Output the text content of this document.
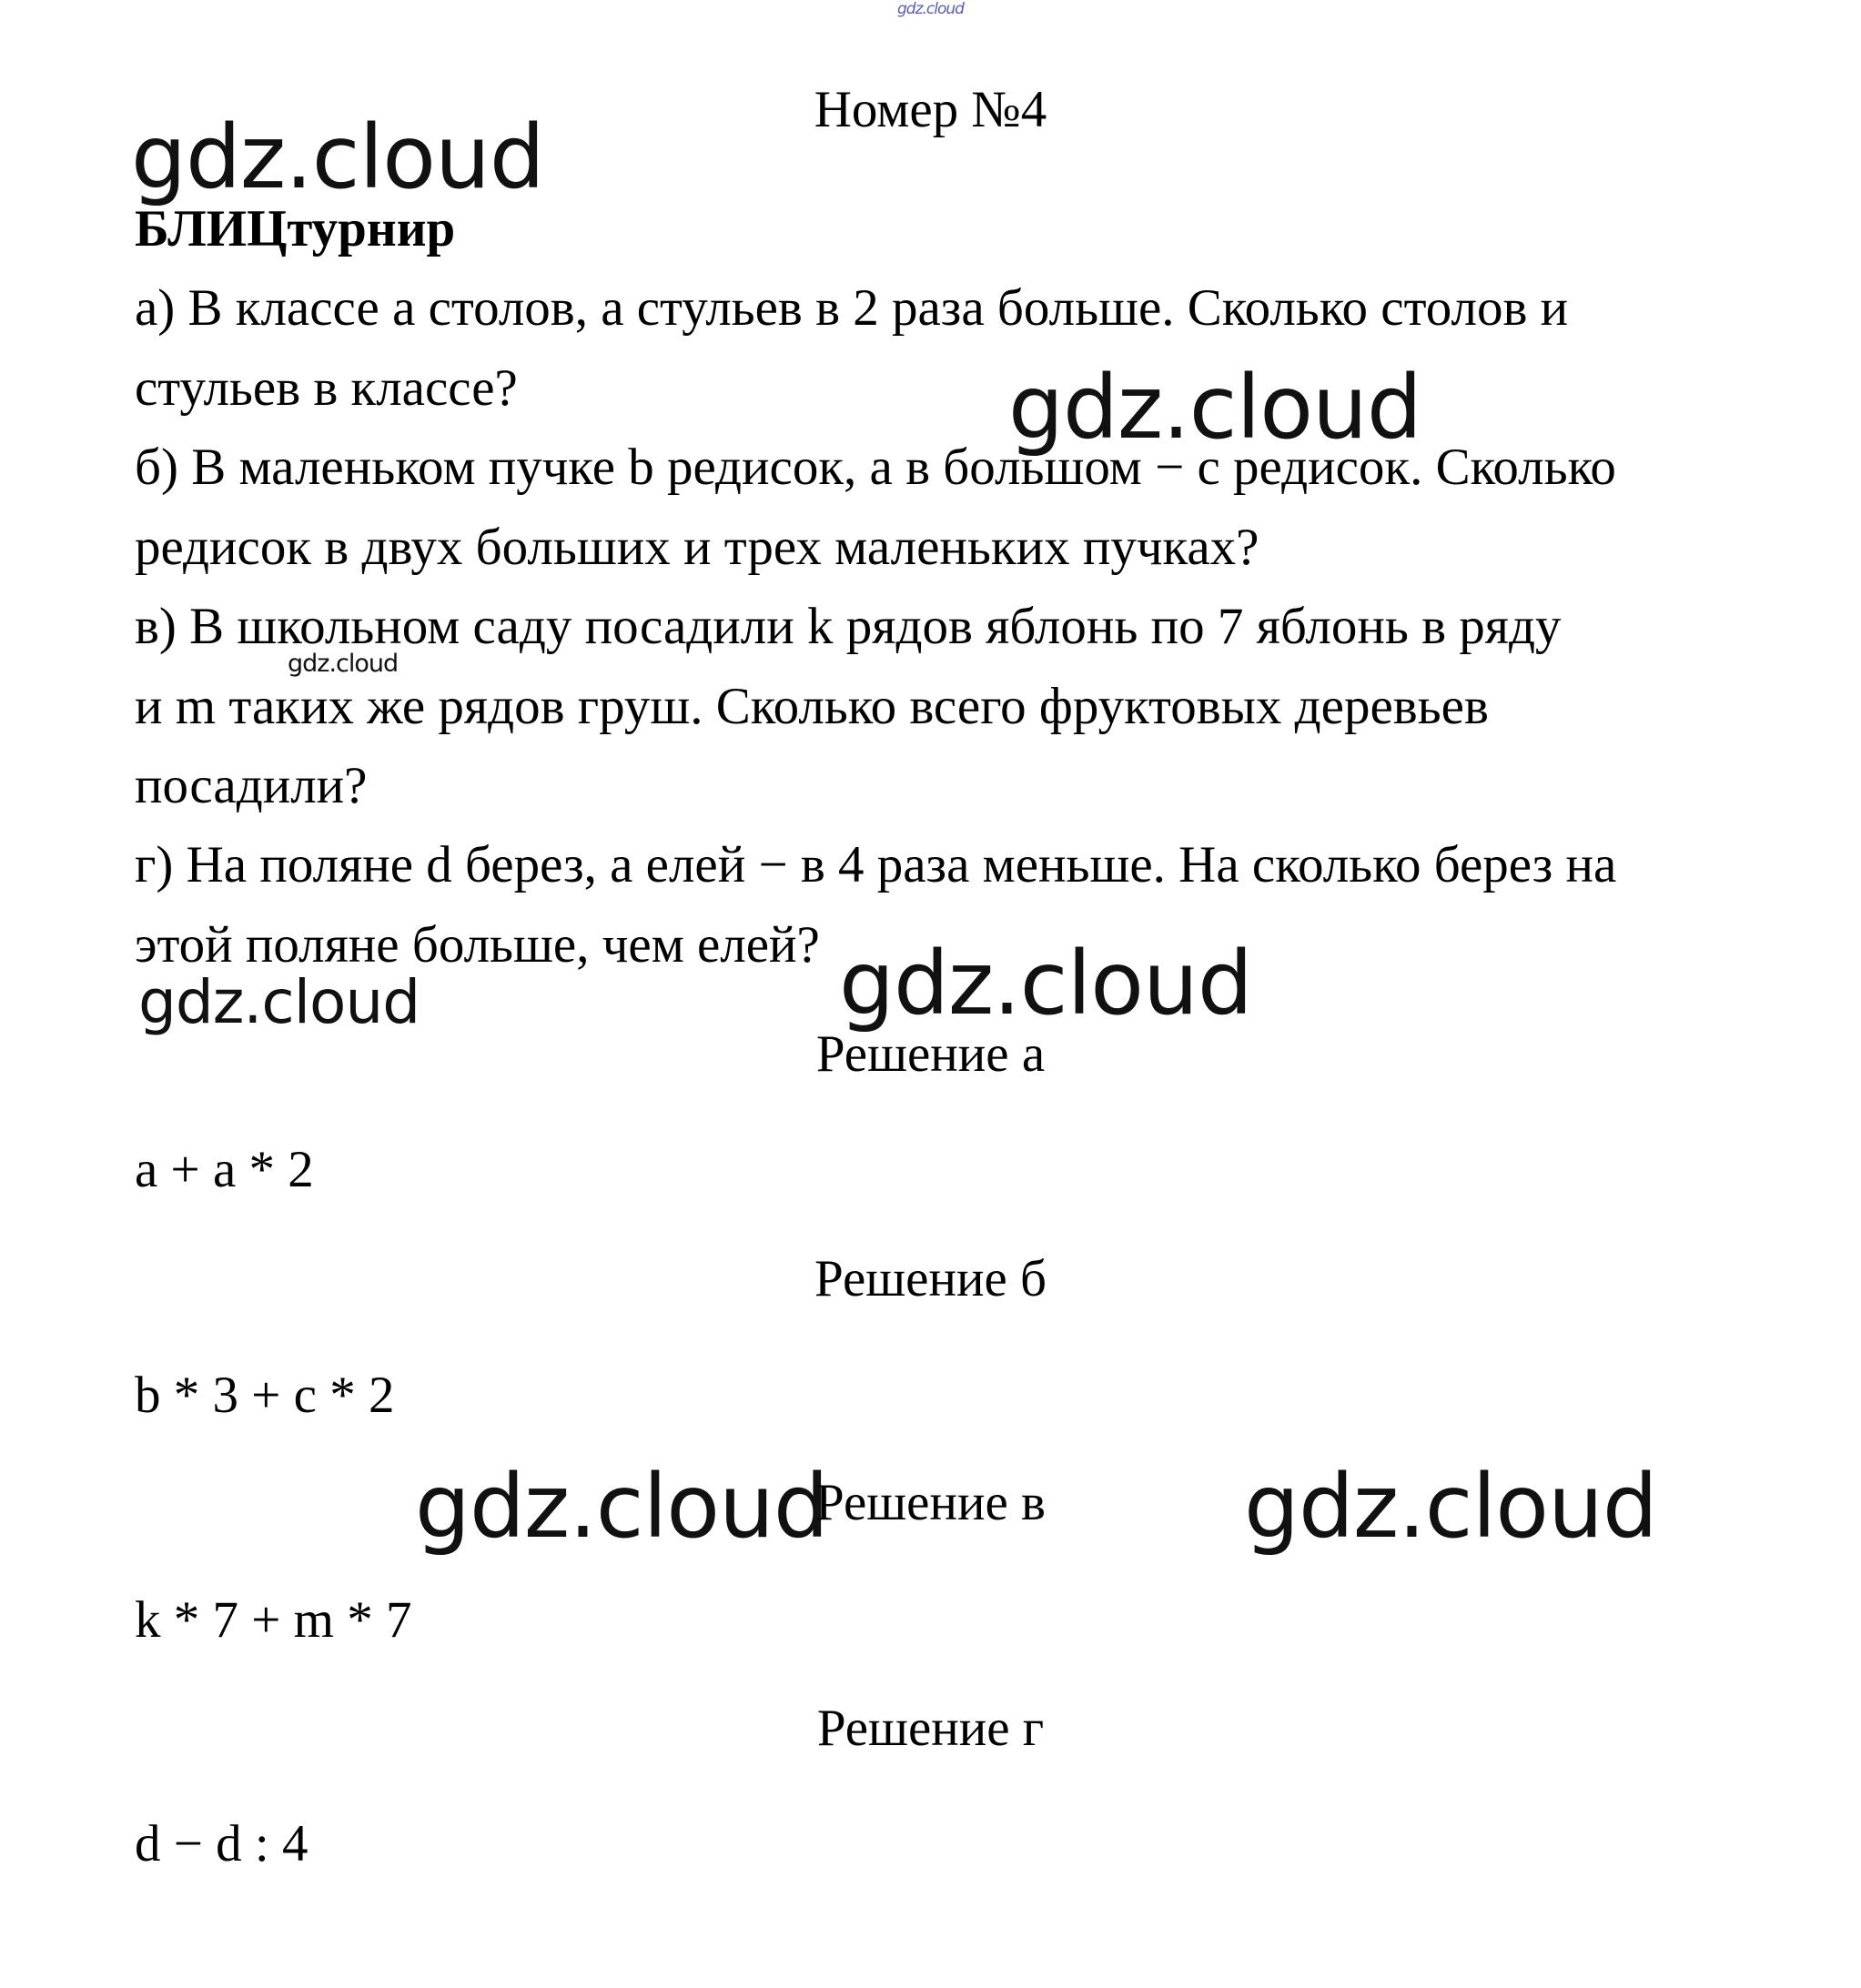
gdz.cloud
Номер №4
gdz.cloud
БЛИЦтурнир
а) В классе а столов, а стульев в 2 раза больше. Сколько столов и
стульев в классе?	gdz.cloud
б) В маленьком пучке b редисок, а в большом − с редисок. Сколько
редисок в двух больших и трех маленьких пучках?
в) В школьном саду посадили k рядов яблонь по 7 яблонь в ряду
gdz.cloud
и m таких же рядов груш. Сколько всего фруктовых деревьев
посадили?
г) На поляне d берез, а елей − в 4 раза меньше. На сколько берез на
этой поляне больше, чем елей?
gdz.cloud	gdz.cloud
Решение а
a + a * 2
Решение б
b * 3 + c * 2
gdz.cloud
Решение в	gdz.cloud
k * 7 + m * 7
Решение г
d − d : 4
